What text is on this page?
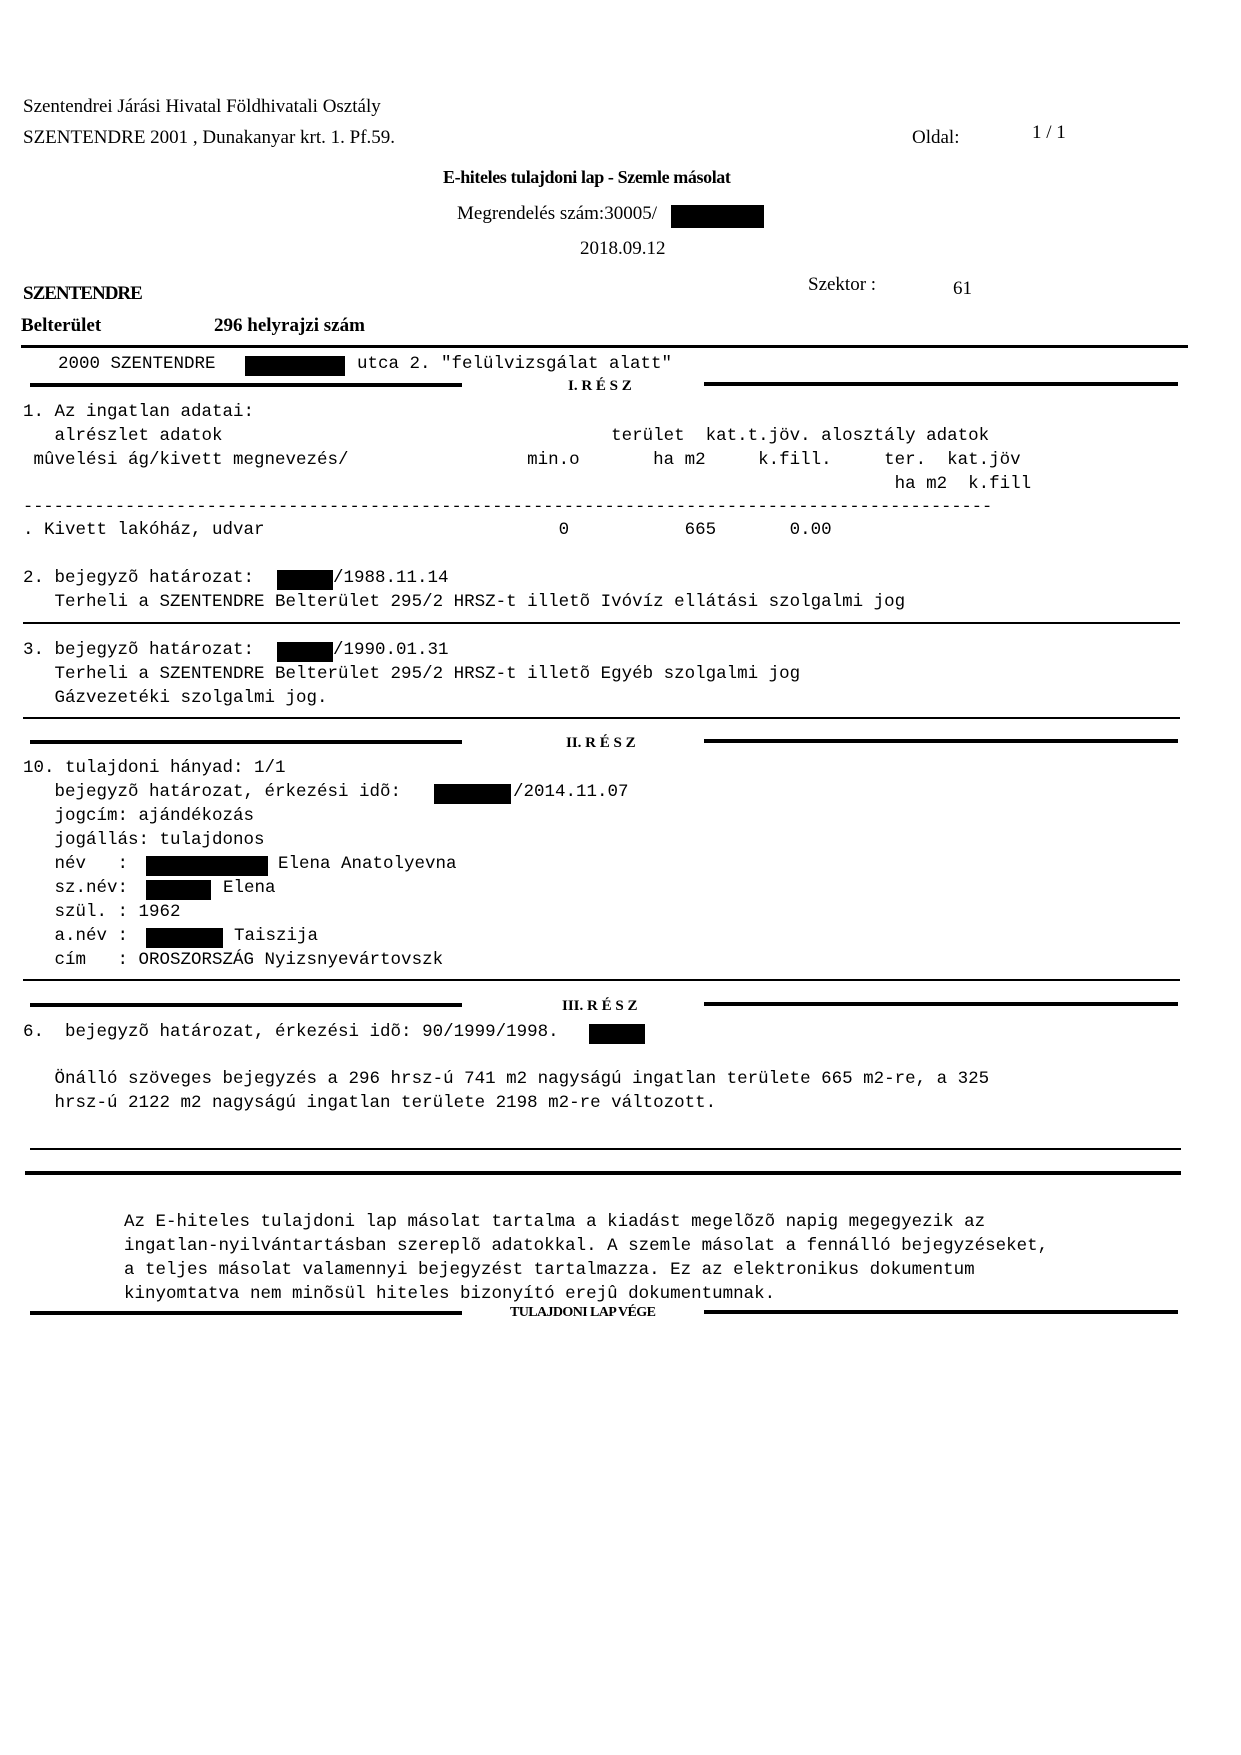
Szentendrei Járási Hivatal Földhivatali Osztály
SZENTENDRE 2001 , Dunakanyar krt. 1. Pf.59.	Oldal:	1 / 1
E-hiteles tulajdoni lap - Szemle másolat
Megrendelés szám:30005/
2018.09.12
Szektor :	61
SZENTENDRE
Belterület	296 helyrajzi szám
2000 SZENTENDRE	utca 2. "felülvizsgálat alatt"
I. R É S Z
1. Az ingatlan adatai:
alrészlet adatok                                     terület  kat.t.jöv. alosztály adatok
mûvelési ág/kivett megnevezés/                 min.o       ha m2     k.fill.     ter.  kat.jöv
ha m2  k.fill
-----------------------------------------------------------------------------------------------
. Kivett lakóház, udvar                            0           665       0.00
2. bejegyzõ határozat:	/1988.11.14
Terheli a SZENTENDRE Belterület 295/2 HRSZ-t illetõ Ivóvíz ellátási szolgalmi jog
3. bejegyzõ határozat:	/1990.01.31
Terheli a SZENTENDRE Belterület 295/2 HRSZ-t illetõ Egyéb szolgalmi jog
Gázvezetéki szolgalmi jog.
II. R É S Z
10. tulajdoni hányad: 1/1
bejegyzõ határozat, érkezési idõ:	/2014.11.07
jogcím: ajándékozás
jogállás: tulajdonos
név   :	Elena Anatolyevna
sz.név:	Elena
szül. : 1962
a.név :	Taiszija
cím   : OROSZORSZÁG Nyizsnyevártovszk
III. R É S Z
6.  bejegyzõ határozat, érkezési idõ: 90/1999/1998.
Önálló szöveges bejegyzés a 296 hrsz-ú 741 m2 nagyságú ingatlan területe 665 m2-re, a 325
hrsz-ú 2122 m2 nagyságú ingatlan területe 2198 m2-re változott.
Az E-hiteles tulajdoni lap másolat tartalma a kiadást megelõzõ napig megegyezik az
ingatlan-nyilvántartásban szereplõ adatokkal. A szemle másolat a fennálló bejegyzéseket,
a teljes másolat valamennyi bejegyzést tartalmazza. Ez az elektronikus dokumentum
kinyomtatva nem minõsül hiteles bizonyító erejû dokumentumnak.
TULAJDONI LAP VÉGE
